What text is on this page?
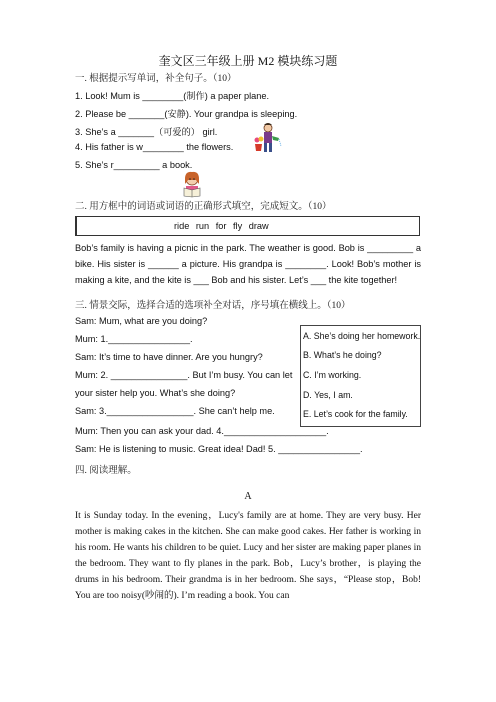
奎文区三年级上册 M2 模块练习题
一. 根据提示写单词，补全句子。（10）
1. Look! Mum is ________(制作) a paper plane.
2. Please be _______(安静). Your grandpa is sleeping.
3. She’s a _______（可爱的） girl.
4. His father is w________ the flowers.
5. She’s r_________ a book.
二. 用方框中的词语或词语的正确形式填空，完成短文。（10）
ride run for fly draw
Bob’s family is having a picnic in the park. The weather is good. Bob is _________ a bike. His sister is ______ a picture. His grandpa is ________. Look! Bob’s mother is making a kite, and the kite is ___ Bob and his sister. Let’s ___ the kite together!
三. 情景交际，选择合适的选项补全对话，序号填在横线上。（10）
Sam: Mum, what are you doing?
Mum: 1.________________.
Sam: It’s time to have dinner. Are you hungry?
Mum: 2. _______________. But I’m busy. You can let
your sister help you. What’s she doing?
Sam: 3._________________. She can’t help me.
Mum: Then you can ask your dad. 4.____________________.
Sam: He is listening to music. Great idea! Dad! 5. ________________.
A. She’s doing her homework.
B. What’s he doing?
C. I’m working.
D. Yes, I am.
E. Let’s cook for the family.
四. 阅读理解。
A
It is Sunday today. In the evening，Lucy's family are at home. They are very busy. Her mother is making cakes in the kitchen. She can make good cakes. Her father is working in his room. He wants his children to be quiet. Lucy and her sister are making paper planes in the bedroom. They want to fly planes in the park. Bob，Lucy’s brother，is playing the drums in his bedroom. Their grandma is in her bedroom. She says，“Please stop，Bob! You are too noisy(吵闹的). I’m reading a book. You can
